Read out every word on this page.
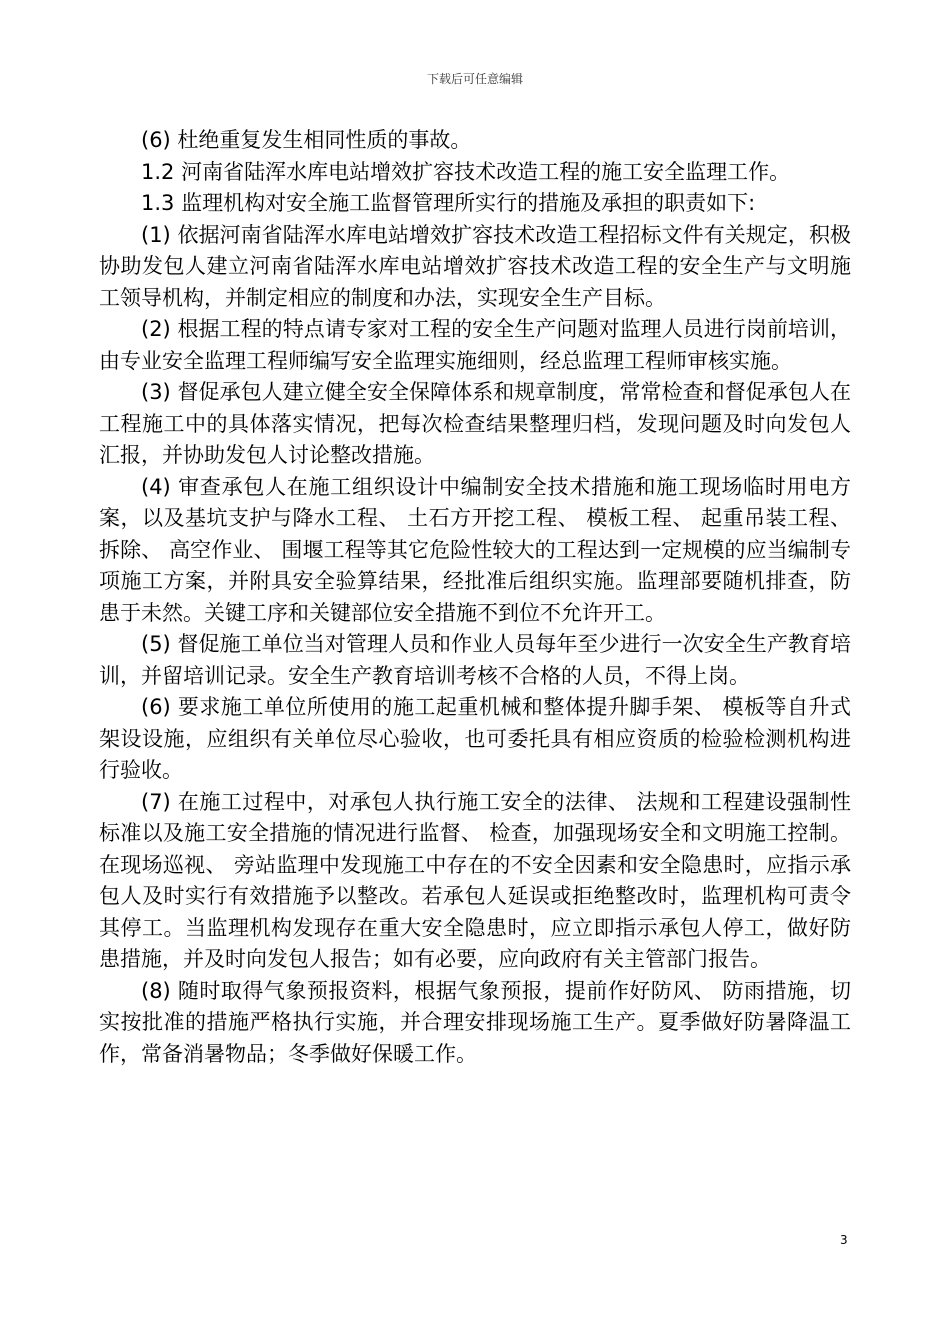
下载后可任意编辑

(6) 杜绝重复发生相同性质的事故。

1.2 河南省陆浑水库电站增效扩容技术改造工程的施工安全监理工作。

1.3 监理机构对安全施工监督管理所实行的措施及承担的职责如下:

(1) 依据河南省陆浑水库电站增效扩容技术改造工程招标文件有关规定，积极协助发包人建立河南省陆浑水库电站增效扩容技术改造工程的安全生产与文明施工领导机构，并制定相应的制度和办法，实现安全生产目标。

(2) 根据工程的特点请专家对工程的安全生产问题对监理人员进行岗前培训，由专业安全监理工程师编写安全监理实施细则，经总监理工程师审核实施。

(3) 督促承包人建立健全安全保障体系和规章制度，常常检查和督促承包人在工程施工中的具体落实情况，把每次检查结果整理归档，发现问题及时向发包人汇报，并协助发包人讨论整改措施。

(4) 审查承包人在施工组织设计中编制安全技术措施和施工现场临时用电方案，以及基坑支护与降水工程、 土石方开挖工程、 模板工程、 起重吊装工程、 拆除、 高空作业、 围堰工程等其它危险性较大的工程达到一定规模的应当编制专项施工方案，并附具安全验算结果，经批准后组织实施。监理部要随机排查，防患于未然。关键工序和关键部位安全措施不到位不允许开工。

(5) 督促施工单位当对管理人员和作业人员每年至少进行一次安全生产教育培训，并留培训记录。安全生产教育培训考核不合格的人员，不得上岗。

(6) 要求施工单位所使用的施工起重机械和整体提升脚手架、 模板等自升式架设设施，应组织有关单位尽心验收，也可委托具有相应资质的检验检测机构进行验收。

(7) 在施工过程中，对承包人执行施工安全的法律、 法规和工程建设强制性标准以及施工安全措施的情况进行监督、 检查，加强现场安全和文明施工控制。在现场巡视、 旁站监理中发现施工中存在的不安全因素和安全隐患时，应指示承包人及时实行有效措施予以整改。若承包人延误或拒绝整改时，监理机构可责令其停工。当监理机构发现存在重大安全隐患时，应立即指示承包人停工，做好防患措施，并及时向发包人报告；如有必要，应向政府有关主管部门报告。

(8) 随时取得气象预报资料，根据气象预报，提前作好防风、 防雨措施，切实按批准的措施严格执行实施，并合理安排现场施工生产。夏季做好防暑降温工作，常备消暑物品；冬季做好保暖工作。

3
